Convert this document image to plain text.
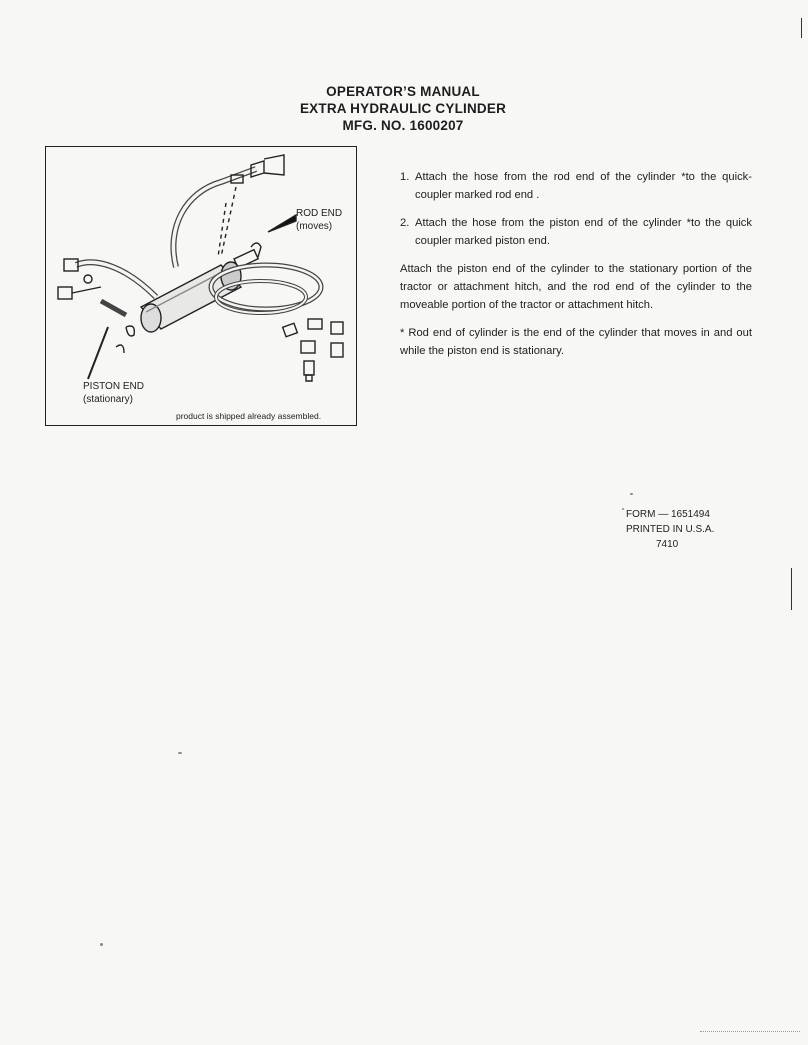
OPERATOR’S MANUAL
EXTRA HYDRAULIC CYLINDER
MFG. NO. 1600207
ROD END
(moves)
PISTON END
(stationary)
product is shipped already assembled.

1. Attach the hose from the rod end of the cylinder *to the quick-coupler marked rod end .

2. Attach the hose from the piston end of the cylinder *to the quick coupler marked piston end.

Attach the piston end of the cylinder to the stationary portion of the tractor or attachment hitch, and the rod end of the cylinder to the moveable portion of the tractor or attachment hitch.

* Rod end of cylinder is the end of the cylinder that moves in and out while the piston end is stationary.

FORM — 1651494
PRINTED IN U.S.A.
7410
